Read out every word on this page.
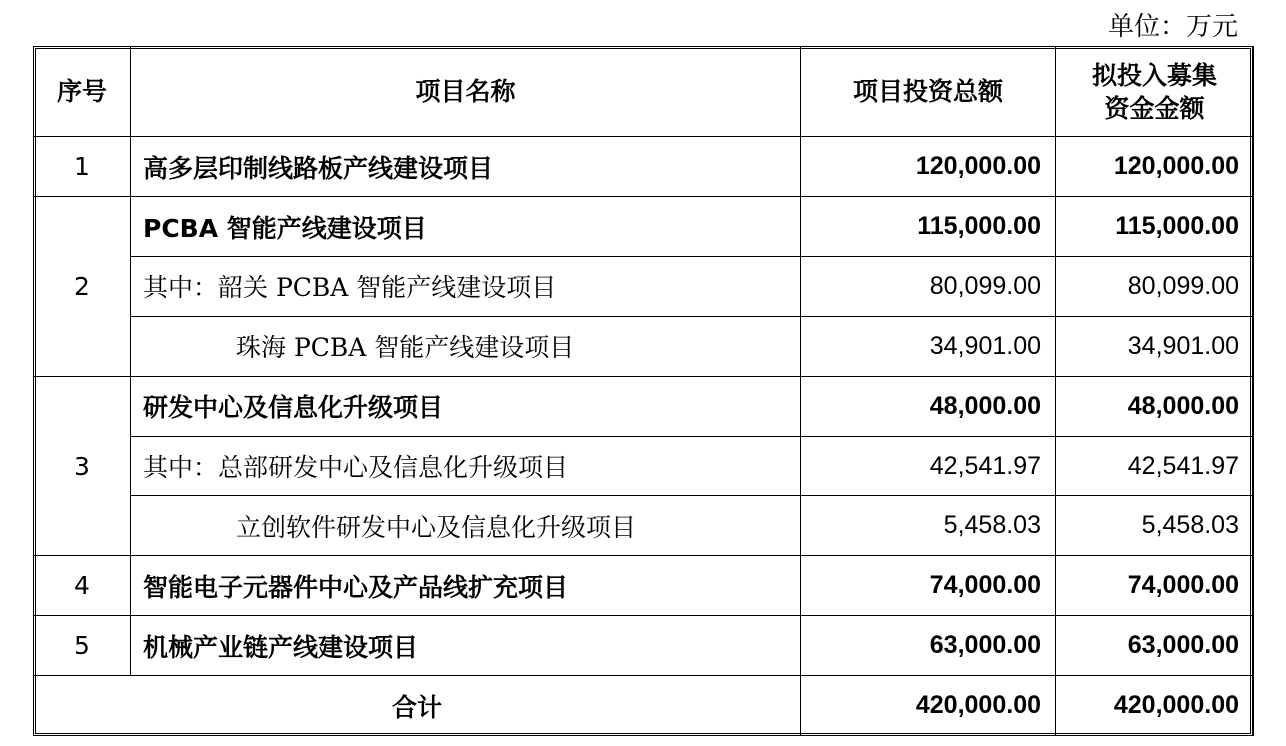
单位：万元
序号	项目名称	项目投资总额	拟投入募集
资金金额
1	高多层印制线路板产线建设项目	120,000.00	120,000.00
2	PCBA 智能产线建设项目	115,000.00	115,000.00
	其中：韶关 PCBA 智能产线建设项目	80,099.00	80,099.00
	珠海 PCBA 智能产线建设项目	34,901.00	34,901.00
3	研发中心及信息化升级项目	48,000.00	48,000.00
	其中：总部研发中心及信息化升级项目	42,541.97	42,541.97
	立创软件研发中心及信息化升级项目	5,458.03	5,458.03
4	智能电子元器件中心及产品线扩充项目	74,000.00	74,000.00
5	机械产业链产线建设项目	63,000.00	63,000.00
合计		420,000.00	420,000.00
